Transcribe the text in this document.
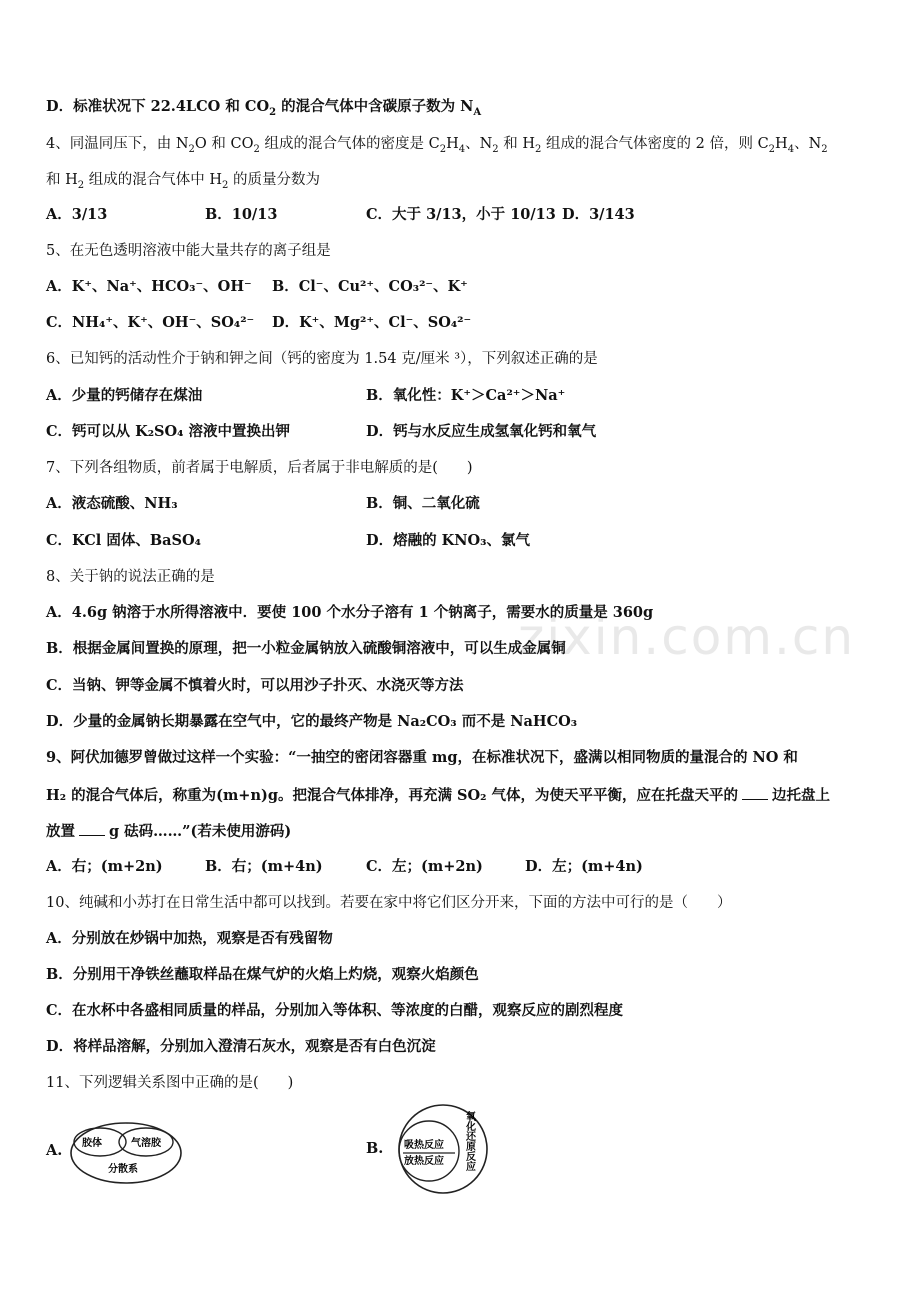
zixin.com.cn
D．标准状况下 22.4LCO 和 $CO_2$ 的混合气体中含碳原子数为 $N_A$
4、同温同压下，由 $N_2O$ 和 $CO_2$ 组成的混合气体的密度是 $C_2H_4$、$N_2$ 和 $H_2$ 组成的混合气体密度的 2 倍，则 $C_2H_4$、$N_2$
和 $H_2$ 组成的混合气体中 $H_2$ 的质量分数为
A．3/13	B．10/13	C．大于 3/13，小于 10/13 D．3/143
5、在无色透明溶液中能大量共存的离子组是
A．K⁺、Na⁺、HCO₃⁻、OH⁻ B．Cl⁻、Cu²⁺、CO₃²⁻、K⁺
C．NH₄⁺、K⁺、OH⁻、SO₄²⁻ D．K⁺、Mg²⁺、Cl⁻、SO₄²⁻
6、已知钙的活动性介于钠和钾之间（钙的密度为 1.54 克/厘米 ³），下列叙述正确的是
A．少量的钙储存在煤油	B．氧化性：K⁺＞Ca²⁺＞Na⁺
C．钙可以从 K₂SO₄ 溶液中置换出钾	D．钙与水反应生成氢氧化钙和氧气
7、下列各组物质，前者属于电解质，后者属于非电解质的是(　　)
A．液态硫酸、NH₃	B．铜、二氧化硫
C．KCl 固体、BaSO₄	D．熔融的 KNO₃、氯气
8、关于钠的说法正确的是
A．4.6g 钠溶于水所得溶液中．要使 100 个水分子溶有 1 个钠离子，需要水的质量是 360g
B．根据金属间置换的原理，把一小粒金属钠放入硫酸铜溶液中，可以生成金属铜
C．当钠、钾等金属不慎着火时，可以用沙子扑灭、水浇灭等方法
D．少量的金属钠长期暴露在空气中，它的最终产物是 Na₂CO₃ 而不是 NaHCO₃
9、阿伏加德罗曾做过这样一个实验：“一抽空的密闭容器重 mg，在标准状况下，盛满以相同物质的量混合的 NO 和
H₂ 的混合气体后，称重为(m+n)g。把混合气体排净，再充满 SO₂ 气体，为使天平平衡，应在托盘天平的 边托盘上
放置 g 砝码……”(若未使用游码)
A．右；(m+2n)	B．右；(m+4n)	C．左；(m+2n)	D．左；(m+4n)
10、纯碱和小苏打在日常生活中都可以找到。若要在家中将它们区分开来，下面的方法中可行的是（　　）
A．分别放在炒锅中加热，观察是否有残留物
B．分别用干净铁丝蘸取样品在煤气炉的火焰上灼烧，观察火焰颜色
C．在水杯中各盛相同质量的样品，分别加入等体积、等浓度的白醋，观察反应的剧烈程度
D．将样品溶解，分别加入澄清石灰水，观察是否有白色沉淀
11、下列逻辑关系图中正确的是(　　)
A.	B.
胶体	气溶胶
分散系
吸热反应
放热反应 氧化还原反应
